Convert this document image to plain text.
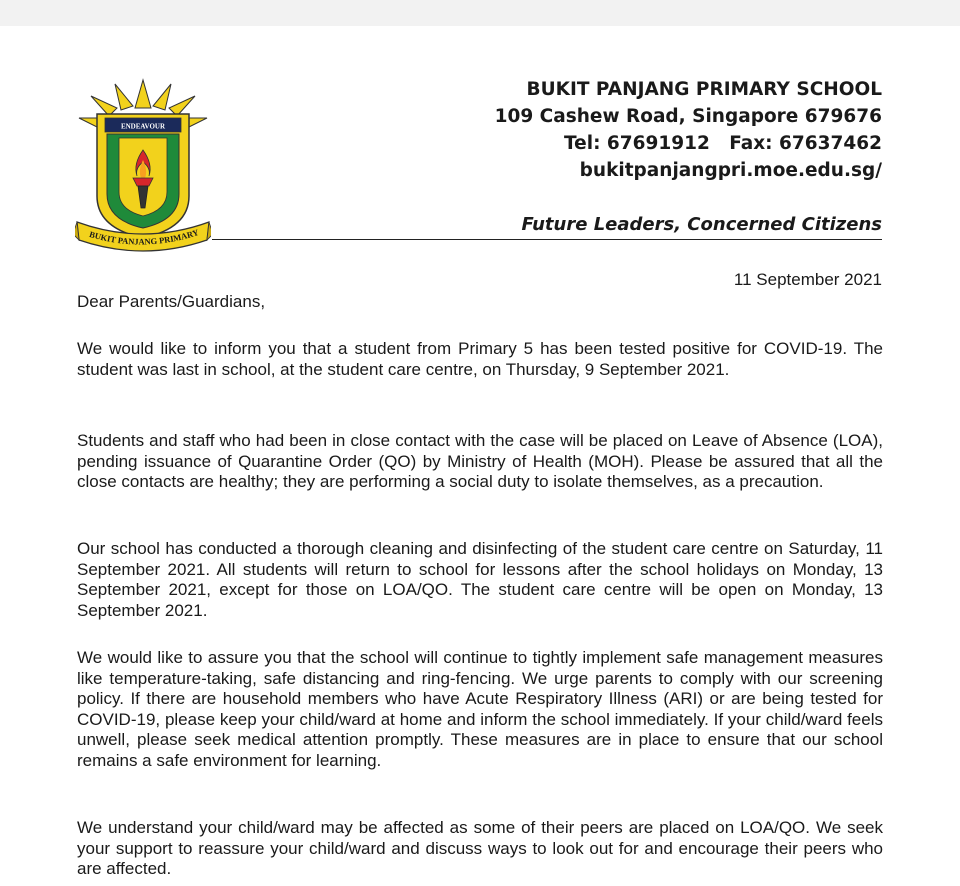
ENDEAVOUR
BUKIT PANJANG PRIMARY
BUKIT PANJANG PRIMARY SCHOOL
109 Cashew Road, Singapore 679676
Tel: 67691912   Fax: 67637462
bukitpanjangpri.moe.edu.sg/
Future Leaders, Concerned Citizens
11 September 2021
Dear Parents/Guardians,

We would like to inform you that a student from Primary 5 has been tested positive for COVID-19. The student was last in school, at the student care centre, on Thursday, 9 September 2021.

Students and staff who had been in close contact with the case will be placed on Leave of Absence (LOA), pending issuance of Quarantine Order (QO) by Ministry of Health (MOH). Please be assured that all the close contacts are healthy; they are performing a social duty to isolate themselves, as a precaution.

Our school has conducted a thorough cleaning and disinfecting of the student care centre on Saturday, 11 September 2021. All students will return to school for lessons after the school holidays on Monday, 13 September 2021, except for those on LOA/QO. The student care centre will be open on Monday, 13 September 2021.

We would like to assure you that the school will continue to tightly implement safe management measures like temperature-taking, safe distancing and ring-fencing. We urge parents to comply with our screening policy. If there are household members who have Acute Respiratory Illness (ARI) or are being tested for COVID-19, please keep your child/ward at home and inform the school immediately. If your child/ward feels unwell, please seek medical attention promptly. These measures are in place to ensure that our school remains a safe environment for learning.

We understand your child/ward may be affected as some of their peers are placed on LOA/QO. We seek your support to reassure your child/ward and discuss ways to look out for and encourage their peers who are affected.
